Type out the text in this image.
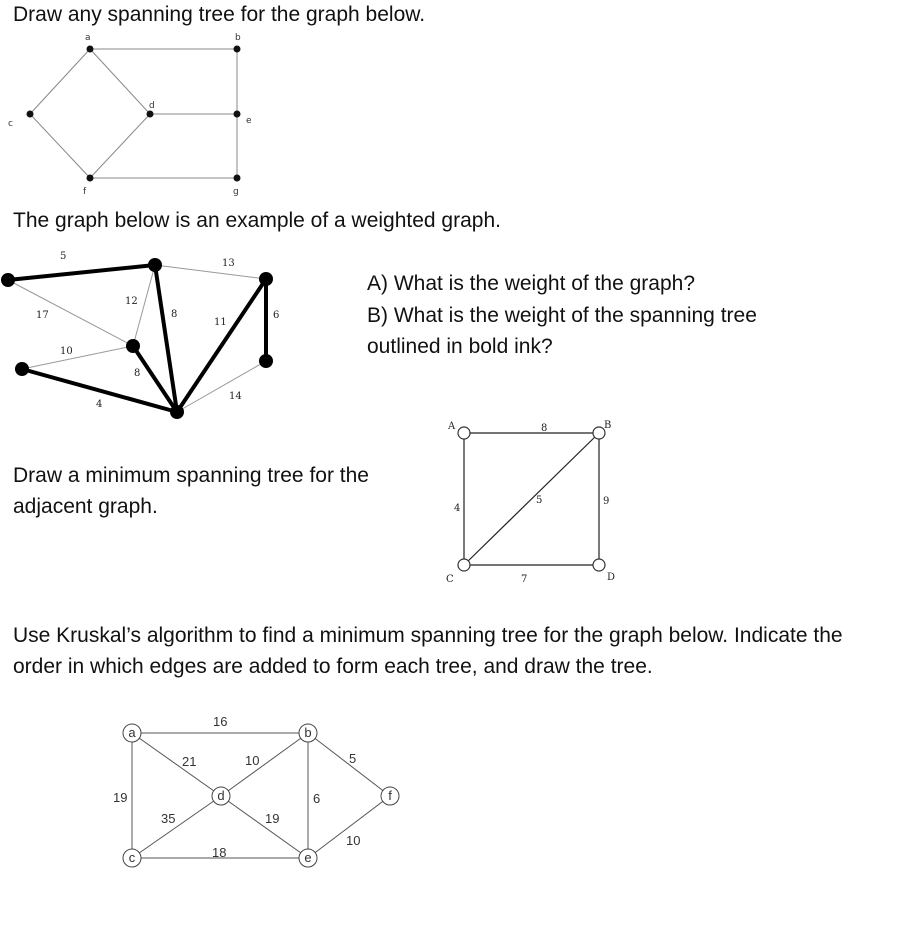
Draw any spanning tree for the graph below.
a	b
c
d
e
f	g

The graph below is an example of a weighted graph.

5
13
17
12
8
11
6
10
8
4
14

A) What is the weight of the graph?

B) What is the weight of the spanning tree outlined in bold ink?

Draw a minimum spanning tree for the adjacent graph.

A	B
C	D
8
4
9
7
5

Use Kruskal’s algorithm to find a minimum spanning tree for the graph below. Indicate the order in which edges are added to form each tree, and draw the tree.

a	b
c
d
e
f
16
21	10	5
19
35	19
6
10
18
